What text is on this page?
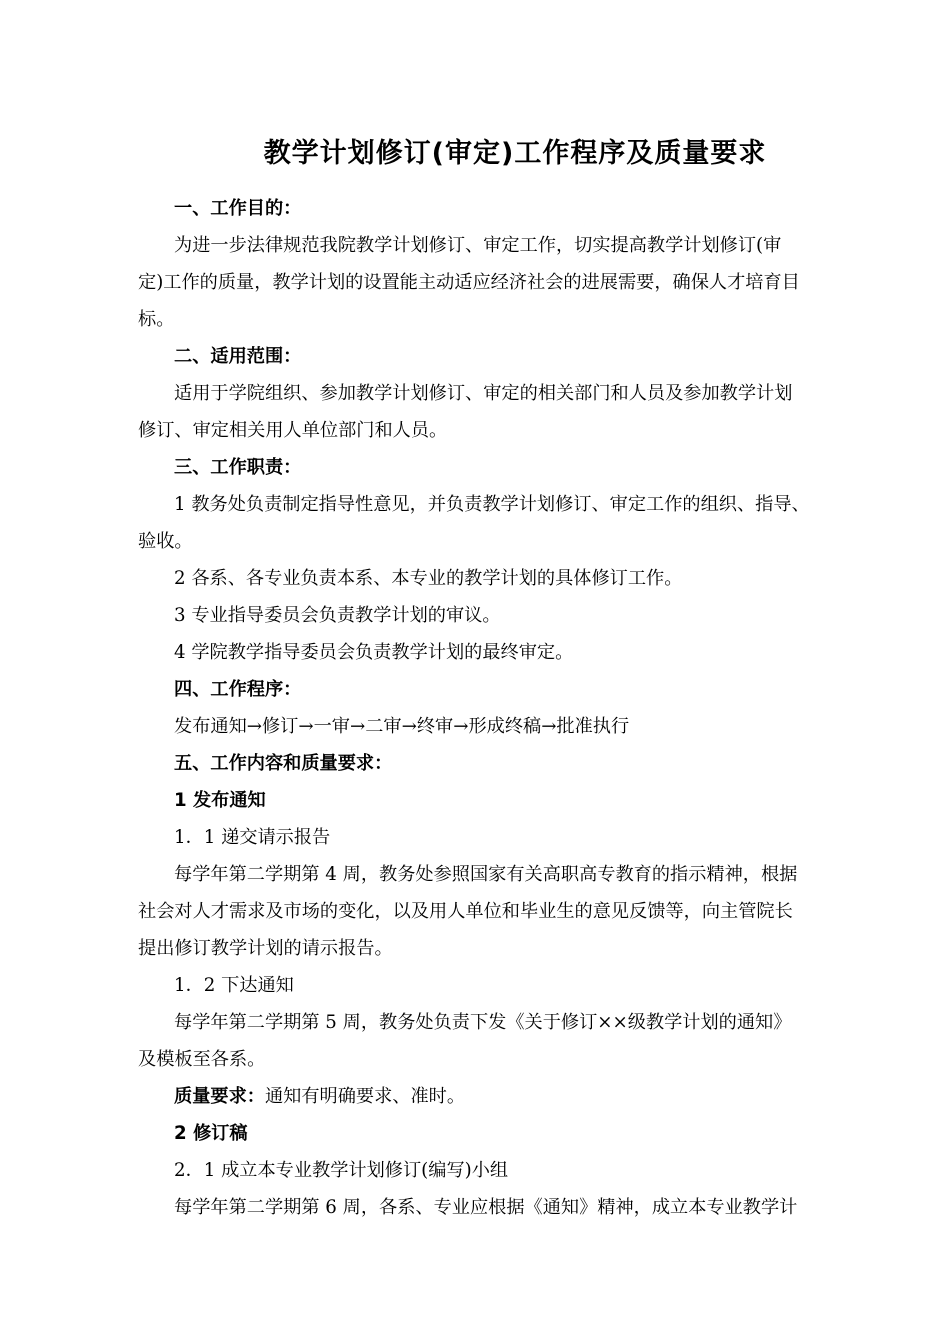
教学计划修订(审定)工作程序及质量要求
一、工作目的：
为进一步法律规范我院教学计划修订、审定工作，切实提高教学计划修订(审
定)工作的质量，教学计划的设置能主动适应经济社会的进展需要，确保人才培育目
标。
二、适用范围：
适用于学院组织、参加教学计划修订、审定的相关部门和人员及参加教学计划
修订、审定相关用人单位部门和人员。
三、工作职责：
1 教务处负责制定指导性意见，并负责教学计划修订、审定工作的组织、指导、
验收。
2 各系、各专业负责本系、本专业的教学计划的具体修订工作。
3 专业指导委员会负责教学计划的审议。
4 学院教学指导委员会负责教学计划的最终审定。
四、工作程序：
发布通知→修订→一审→二审→终审→形成终稿→批准执行
五、工作内容和质量要求：
1 发布通知
1．1 递交请示报告
每学年第二学期第 4 周，教务处参照国家有关高职高专教育的指示精神，根据
社会对人才需求及市场的变化，以及用人单位和毕业生的意见反馈等，向主管院长
提出修订教学计划的请示报告。
1．2 下达通知
每学年第二学期第 5 周，教务处负责下发《关于修订××级教学计划的通知》
及模板至各系。
质量要求：通知有明确要求、准时。
2 修订稿
2．1 成立本专业教学计划修订(编写)小组
每学年第二学期第 6 周，各系、专业应根据《通知》精神，成立本专业教学计
